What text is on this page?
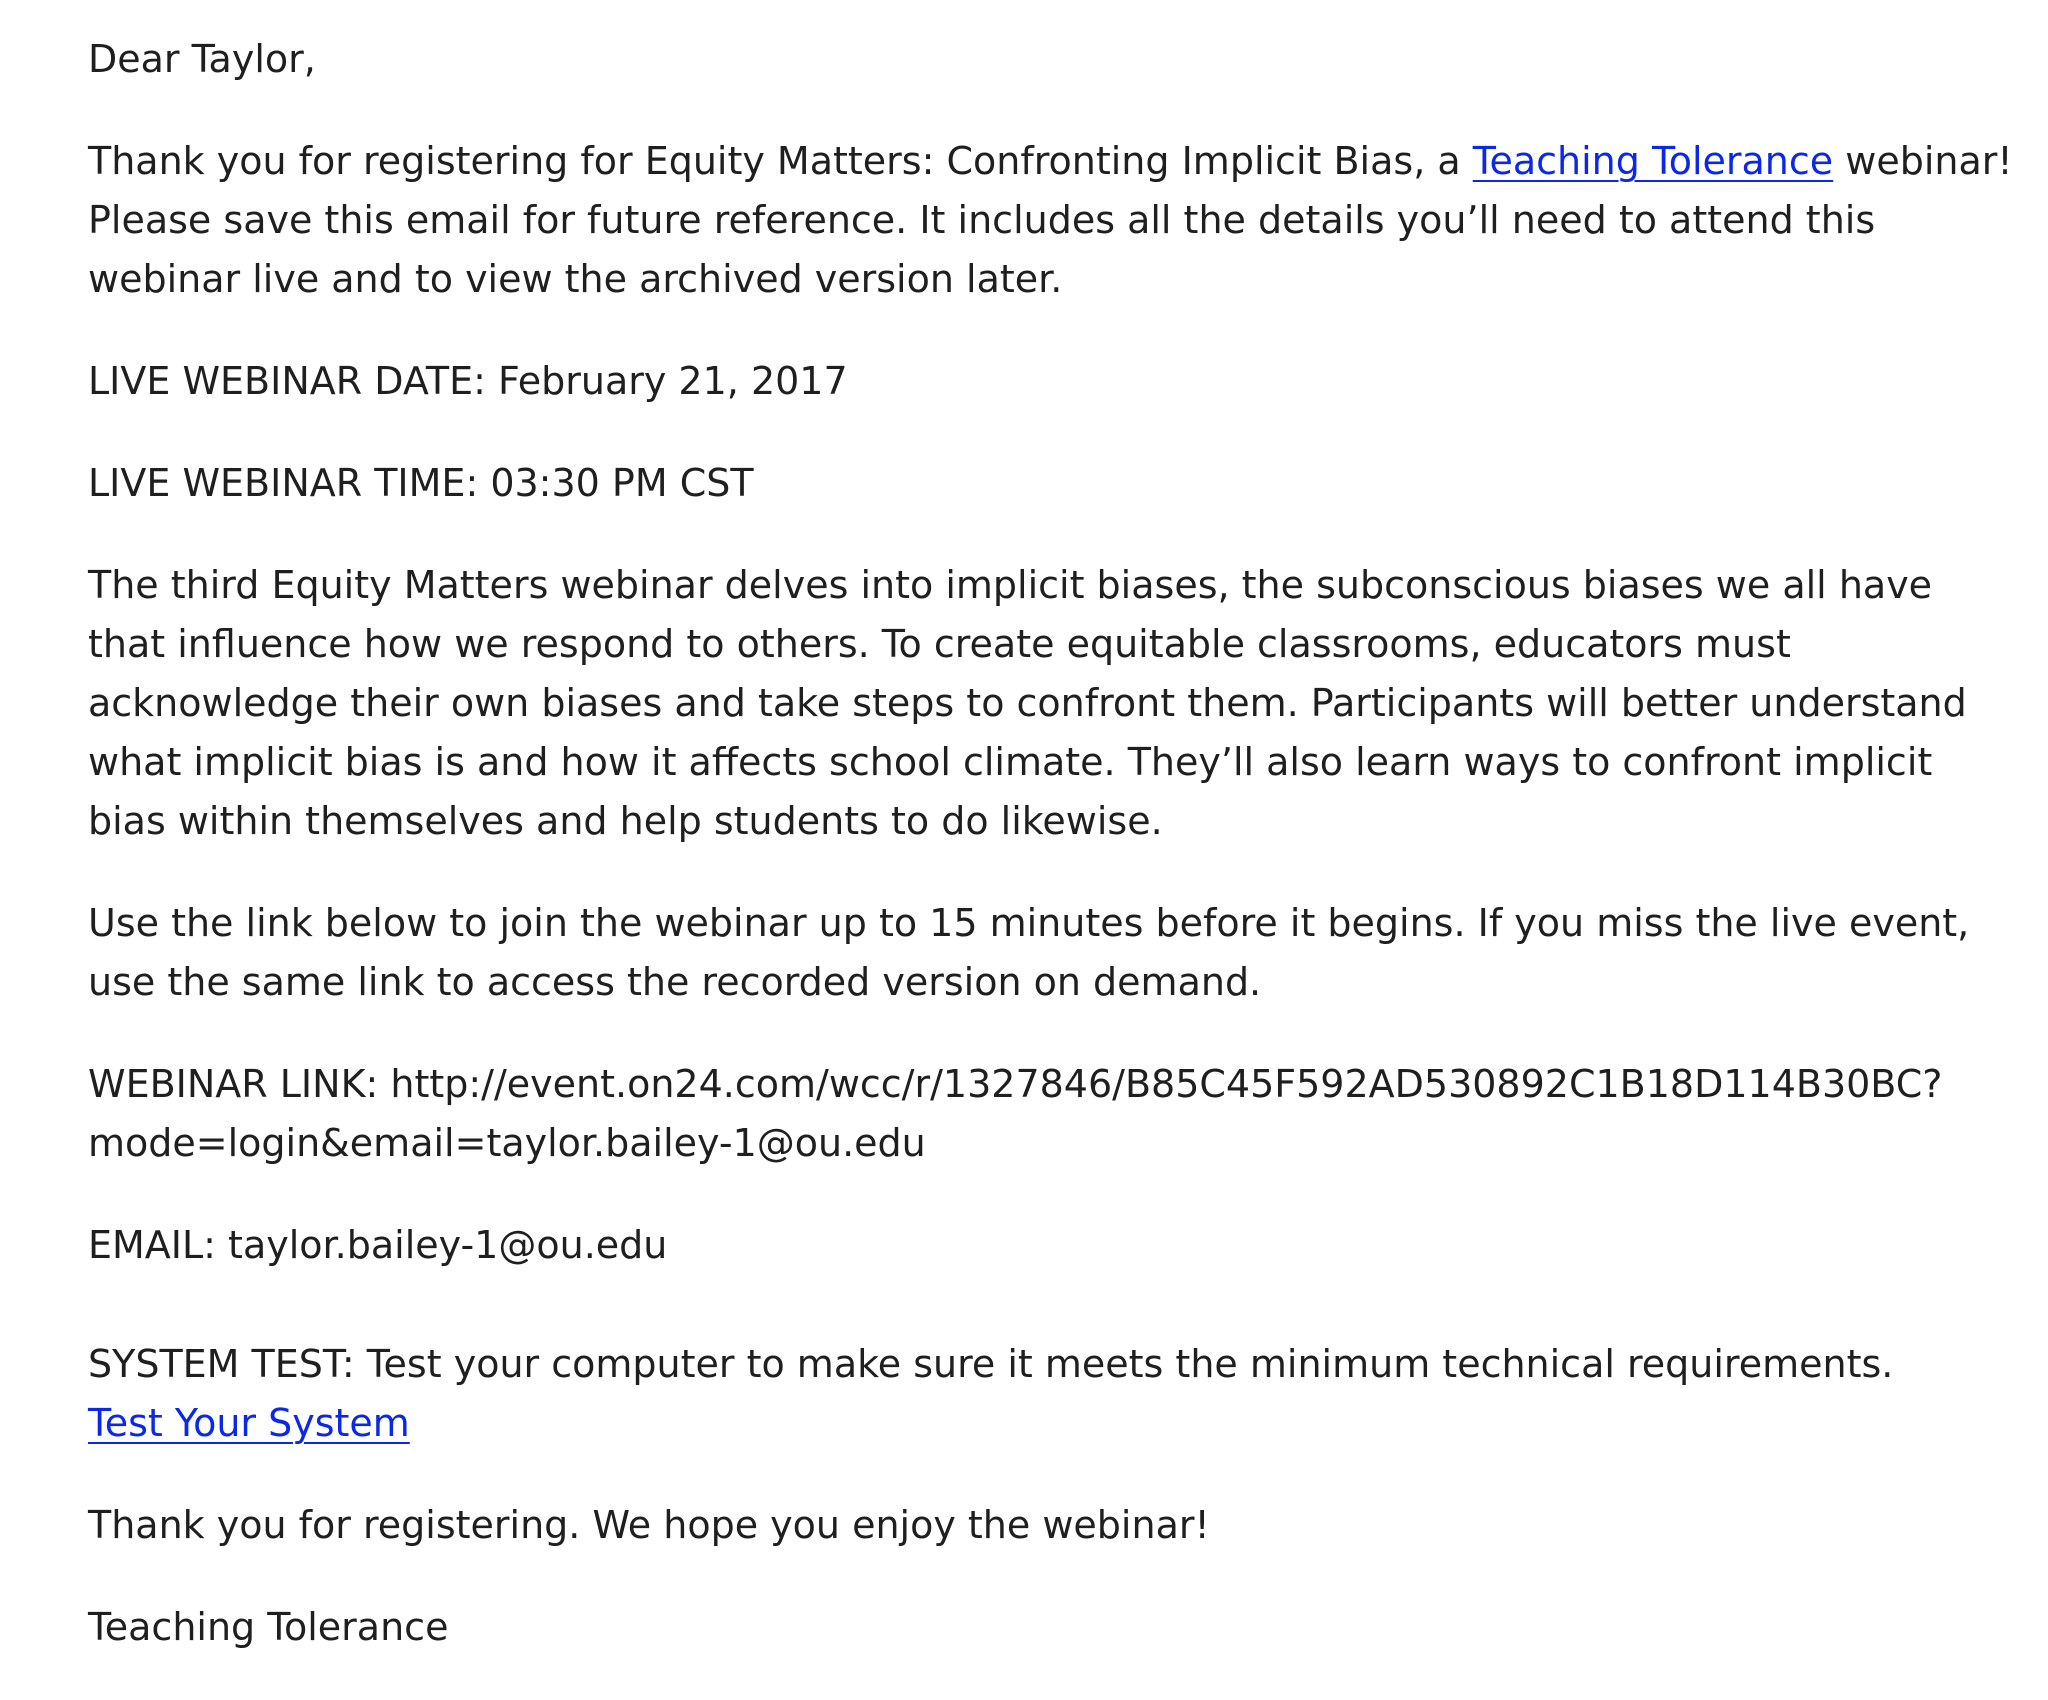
Dear Taylor,

Thank you for registering for Equity Matters: Confronting Implicit Bias, a Teaching Tolerance webinar! Please save this email for future reference. It includes all the details you’ll need to attend this webinar live and to view the archived version later.

LIVE WEBINAR DATE: February 21, 2017

LIVE WEBINAR TIME: 03:30 PM CST

The third Equity Matters webinar delves into implicit biases, the subconscious biases we all have that influence how we respond to others. To create equitable classrooms, educators must acknowledge their own biases and take steps to confront them. Participants will better understand what implicit bias is and how it affects school climate. They’ll also learn ways to confront implicit bias within themselves and help students to do likewise.

Use the link below to join the webinar up to 15 minutes before it begins. If you miss the live event, use the same link to access the recorded version on demand.

WEBINAR LINK: http://event.on24.com/wcc/r/1327846/B85C45F592AD530892C1B18D114B30BC?
mode=login&email=taylor.bailey-1@ou.edu

EMAIL: taylor.bailey-1@ou.edu

SYSTEM TEST: Test your computer to make sure it meets the minimum technical requirements.
Test Your System

Thank you for registering. We hope you enjoy the webinar!

Teaching Tolerance
